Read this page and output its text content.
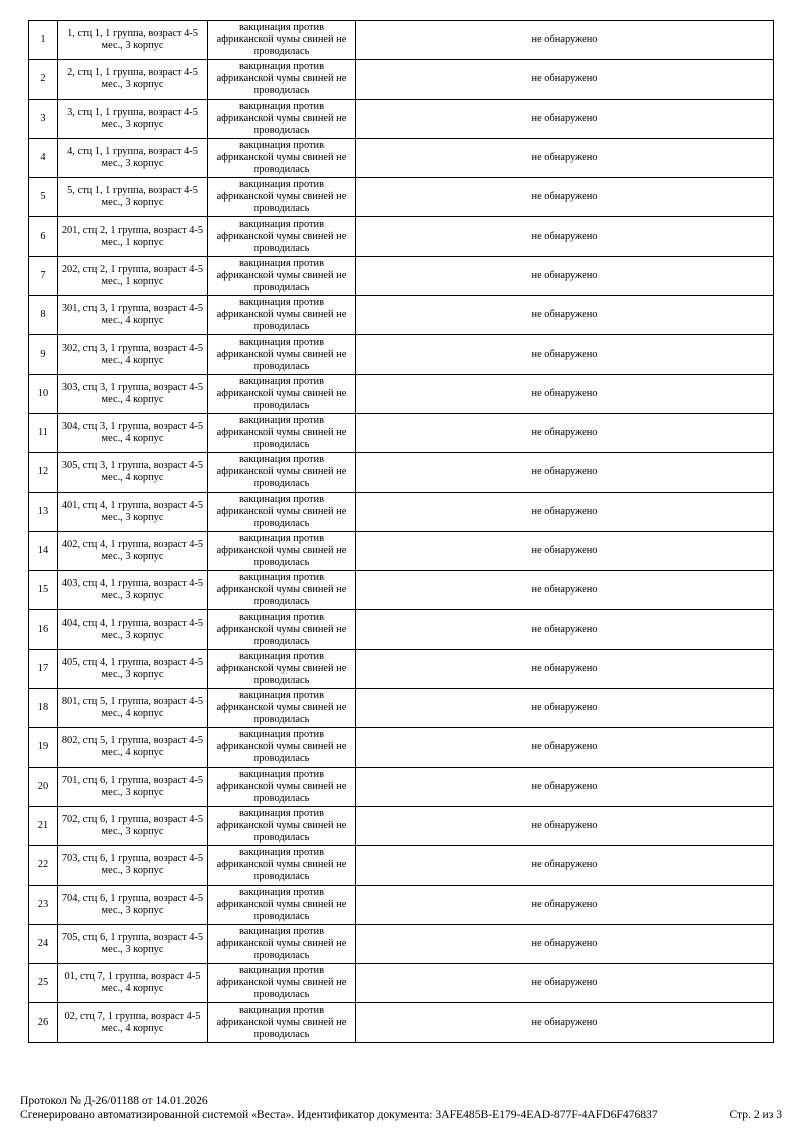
1	1, стц 1, 1 группа, возраст 4-5 мес., 3 корпус	вакцинация против африканской чумы свиней не проводилась	не обнаружено
2	2, стц 1, 1 группа, возраст 4-5 мес., 3 корпус	вакцинация против африканской чумы свиней не проводилась	не обнаружено
3	3, стц 1, 1 группа, возраст 4-5 мес., 3 корпус	вакцинация против африканской чумы свиней не проводилась	не обнаружено
4	4, стц 1, 1 группа, возраст 4-5 мес., 3 корпус	вакцинация против африканской чумы свиней не проводилась	не обнаружено
5	5, стц 1, 1 группа, возраст 4-5 мес., 3 корпус	вакцинация против африканской чумы свиней не проводилась	не обнаружено
6	201, стц 2, 1 группа, возраст 4-5 мес., 1 корпус	вакцинация против африканской чумы свиней не проводилась	не обнаружено
7	202, стц 2, 1 группа, возраст 4-5 мес., 1 корпус	вакцинация против африканской чумы свиней не проводилась	не обнаружено
8	301, стц 3, 1 группа, возраст 4-5 мес., 4 корпус	вакцинация против африканской чумы свиней не проводилась	не обнаружено
9	302, стц 3, 1 группа, возраст 4-5 мес., 4 корпус	вакцинация против африканской чумы свиней не проводилась	не обнаружено
10	303, стц 3, 1 группа, возраст 4-5 мес., 4 корпус	вакцинация против африканской чумы свиней не проводилась	не обнаружено
11	304, стц 3, 1 группа, возраст 4-5 мес., 4 корпус	вакцинация против африканской чумы свиней не проводилась	не обнаружено
12	305, стц 3, 1 группа, возраст 4-5 мес., 4 корпус	вакцинация против африканской чумы свиней не проводилась	не обнаружено
13	401, стц 4, 1 группа, возраст 4-5 мес., 3 корпус	вакцинация против африканской чумы свиней не проводилась	не обнаружено
14	402, стц 4, 1 группа, возраст 4-5 мес., 3 корпус	вакцинация против африканской чумы свиней не проводилась	не обнаружено
15	403, стц 4, 1 группа, возраст 4-5 мес., 3 корпус	вакцинация против африканской чумы свиней не проводилась	не обнаружено
16	404, стц 4, 1 группа, возраст 4-5 мес., 3 корпус	вакцинация против африканской чумы свиней не проводилась	не обнаружено
17	405, стц 4, 1 группа, возраст 4-5 мес., 3 корпус	вакцинация против африканской чумы свиней не проводилась	не обнаружено
18	801, стц 5, 1 группа, возраст 4-5 мес., 4 корпус	вакцинация против африканской чумы свиней не проводилась	не обнаружено
19	802, стц 5, 1 группа, возраст 4-5 мес., 4 корпус	вакцинация против африканской чумы свиней не проводилась	не обнаружено
20	701, стц 6, 1 группа, возраст 4-5 мес., 3 корпус	вакцинация против африканской чумы свиней не проводилась	не обнаружено
21	702, стц 6, 1 группа, возраст 4-5 мес., 3 корпус	вакцинация против африканской чумы свиней не проводилась	не обнаружено
22	703, стц 6, 1 группа, возраст 4-5 мес., 3 корпус	вакцинация против африканской чумы свиней не проводилась	не обнаружено
23	704, стц 6, 1 группа, возраст 4-5 мес., 3 корпус	вакцинация против африканской чумы свиней не проводилась	не обнаружено
24	705, стц 6, 1 группа, возраст 4-5 мес., 3 корпус	вакцинация против африканской чумы свиней не проводилась	не обнаружено
25	01, стц 7, 1 группа, возраст 4-5 мес., 4 корпус	вакцинация против африканской чумы свиней не проводилась	не обнаружено
26	02, стц 7, 1 группа, возраст 4-5 мес., 4 корпус	вакцинация против африканской чумы свиней не проводилась	не обнаружено
Протокол № Д-26/01188 от 14.01.2026
Сгенерировано автоматизированной системой «Веста». Идентификатор документа: 3AFE485B-E179-4EAD-877F-4AFD6F476837	Стр. 2 из 3
